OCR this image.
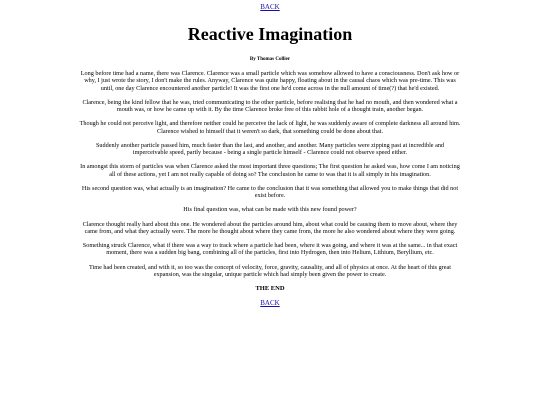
BACK
Reactive Imagination
By Thomas Collier

Long before time had a name, there was Clarence. Clarence was a small particle which was somehow allowed to have a consciousness. Don't ask how or why, I just wrote the story, I don't make the rules. Anyway, Clarence was quite happy, floating about in the causal chaos which was pre-time. This was until, one day Clarence encountered another particle! It was the first one he'd come across in the null amount of time(?) that he'd existed.

Clarence, being the kind fellow that he was, tried communicating to the other particle, before realising that he had no mouth, and then wondered what a mouth was, or how he came up with it. By the time Clarence broke free of this rabbit hole of a thought train, another began.

Though he could not perceive light, and therefore neither could he perceive the lack of light, he was suddenly aware of complete darkness all around him. Clarence wished to himself that it weren't so dark, that something could be done about that.

Suddenly another particle passed him, much faster than the last, and another, and another. Many particles were zipping past at incredible and imperceivable speed, partly because - being a single particle himself - Clarence could not observe speed either.

In amongst this storm of particles was when Clarence asked the most important three questions; The first question he asked was, how come I am noticing all of these actions, yet I am not really capable of doing so? The conclusion he came to was that it is all simply in his imagination.

His second question was, what actually is an imagination? He came to the conclusion that it was something that allowed you to make things that did not exist before.

His final question was, what can be made with this new found power?

Clarence thought really hard about this one. He wondered about the particles around him, about what could be causing them to move about, where they came from, and what they actually were. The more he thought about where they came from, the more he also wondered about where they were going.

Something struck Clarence, what if there was a way to track where a particle had been, where it was going, and where it was at the same... in that exact moment, there was a sudden big bang, combining all of the particles, first into Hydrogen, then into Helium, Lithium, Beryllium, etc.

Time had been created, and with it, so too was the concept of velocity, force, gravity, causality, and all of physics at once. At the heart of this great expansion, was the singular, unique particle which had simply been given the power to create.

THE END
BACK
